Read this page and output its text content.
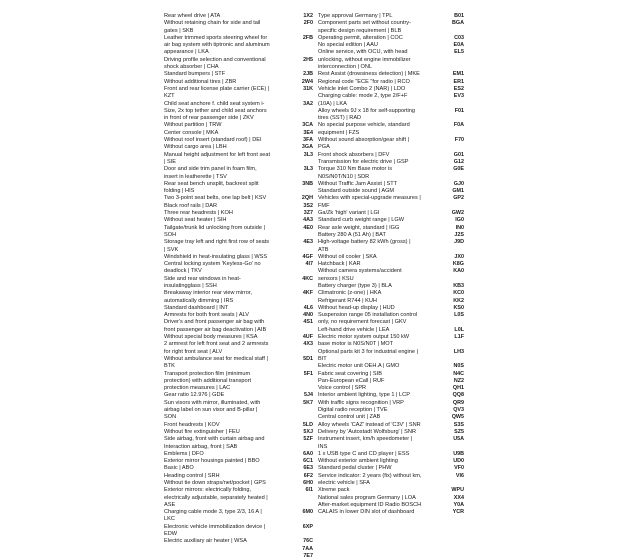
Rear wheel drive | ATA	1X2
Without retaining chain for side and tail gates | SKB
2F0
Leather trimmed sports steering wheel for air bag system with tiptronic and aluminum appearance | LKA
2FB
Driving profile selection and conventional shock absorber | CHA
2H5
Standard bumpers | STF	2JB
Without additional tires | ZBR	2W4
Front and rear license plate carrier (ECE) | KZT
31K
Child seat anchore f. child seat system i-Size, 2x top tether and child seat anchors in front of rear passenger side | ZKV
3A2
Without partition | TRW	3CA
Center console | MKA	3E4
Without roof insert (standard roof) | DEI	3FA
Without cargo area | LBH	3GA
Manual height adjustment for left front seat | SIE
3L3
Door and side trim panel in foam film, insert in leatherette | TSV
3L3
Rear seat bench unsplit, backrest split folding | HIS
3NB
Two 3-point seat belts, one lap belt | KSV	2QH
Black roof rails | DAR	3S2
Three rear headrests | KOH	3Z7
Without seat heater | SIH	4A3
Tailgate/trunk lid unlocking from outside | SOH
4E0
Storage tray left and right first row of seats | SVK
4E3
Windshield in heat-insulating glass | WSS	4GF
Central locking system 'Keyless-Go' no deadlock | TKV
4I7
Side and rear windows in heat-insulatingglass | SSH
4KC
Breakaway interior rear view mirror, automatically dimming | IRS
4KF
Standard dashboard | INT	4L6
Armrests for both front seats | ALV	4N0
Driver's and front passenger air bag with front passenger air bag deactivation | AIB
4S1
Without special body measures | KSA	4UF
2 armrest for left front seat and 2 armrests for right front seat | ALV
4X3
Without ambulance seat for medical staff | BTK
5D1
Transport protection film (minimum protection) with additional transport protection measures | LAC
5F1
Gear ratio 12.976 | GDE	5J4
Sun visors with mirror, illuminated, with airbag label on sun visor and B-pillar | SON
5K7
Front headrests | KOV	5LD
Without fire extinguisher | FEU	5XJ
Side airbag, front with curtain airbag and Interaction airbag, front | SAB
5ZF
Emblems | DFO	6A0
Exterior mirror housings painted | BBO	6C1
Basic | ABO	6E3
Heading control | SRH	6F2
Without tie down straps/net/pocket | GPS	6H0
Exterior mirrors: electrically folding, electrically adjustable, separately heated | ASE
6I1
Charging cable mode 3, type 2/3, 16 A | LKC
6M0
Electronic vehicle immobilization device | EDW
6XP
Electric auxiliary air heater | WSA	76C
7AA
7E7
Type approval Germany | TPL	B01
Component parts set without country-specific design requirement | BLB
BGA
Operating permit, alteration | COC	C03
No special edition | AAU	E0A
Online service, with OCU, with head unlocking, without engine immobilizer interconnection | ONL
EL5
Rest Assist (drowsiness detection) | MKE	EM1
Regional code "ECE "for radio | RCO	ER1
Vehicle inlet Combo 2 (NAR) | LDO	ES2
Charging cable: mode 2, type 2/F+F (10A) | LKA
EV3
Alloy wheels 9J x 18 for self-supporting tires (SST) | RAD
F01
No special purpose vehicle, standard equipment | FZS
F0A
Without sound absorption/gear shift | PGA
F70
Front shock absorbers | DFV	G01
Transmission for electric drive | GSP	G12
Torque 310 Nm Base motor is N0S/N0T/N10 | SDR
G0E
Without Traffic Jam Assist | STT	GJ0
Standard outside sound | AGM	GM1
Vehicles with special-upgrade measures | FMF
GP2
Ga/Zk 'high' variant | LGI	GW2
Standard curb weight range | LGW	IG0
Rear axle weight, standard | IGG	IN0
Battery 280 A (51 Ah) | BAT	J2S
High-voltage battery 82 kWh (gross) | ATB
J9D
Without oil cooler | SKA	JX0
Hatchback | KAR	K8G
Without camera systems/accident sensors | KSU
KA0
Battery charger (type 3) | BLA	KB3
Climatronic (z-one) | HKA	KC0
Refrigerant R744 | KUH	KK2
Without head-up display | HUD	KS0
Suspension range 05 installation control only, no requirement forecast | GKV
L0S
Left-hand drive vehicle | LEA	L0L
Electric motor system output 150 kW base motor is N0S/N0T | MOT
L1F
Optional parts kit 3 for industrial engine | BIT
LH3
Electric motor unit OEH.A | GMO	N0S
Fabric seat covering | SIB	N4C
Pan-European eCall | RUF	NZ2
Voice control | SPR	QH1
Interior ambient lighting, type 1 | LCP	QQ8
With traffic signs recognition | VRP	QR9
Digital radio reception | TVE	QV3
Central control unit | ZAB	QW5
Alloy wheels 'CAZ' instead of 'C3V' | SNR	S3S
Delivery by 'Autostadt Wolfsburg' | SNR	SZ5
Instrument insert, km/h speedometer | INS
U5A
1 x USB type C and CD player | ESS	U9B
Without exterior ambient lighting	UD0
Standard pedal cluster | PHW	VF0
Service indicator: 2 years (fix) without km, electric vehicle | SFA
VI6
Xtreme pack	WPU
National sales program Germany | LOA	XX4
After-market equipment ID Radio BOSCH	Y0A
CALAIS in lower DIN slot of dashboard	YCR
